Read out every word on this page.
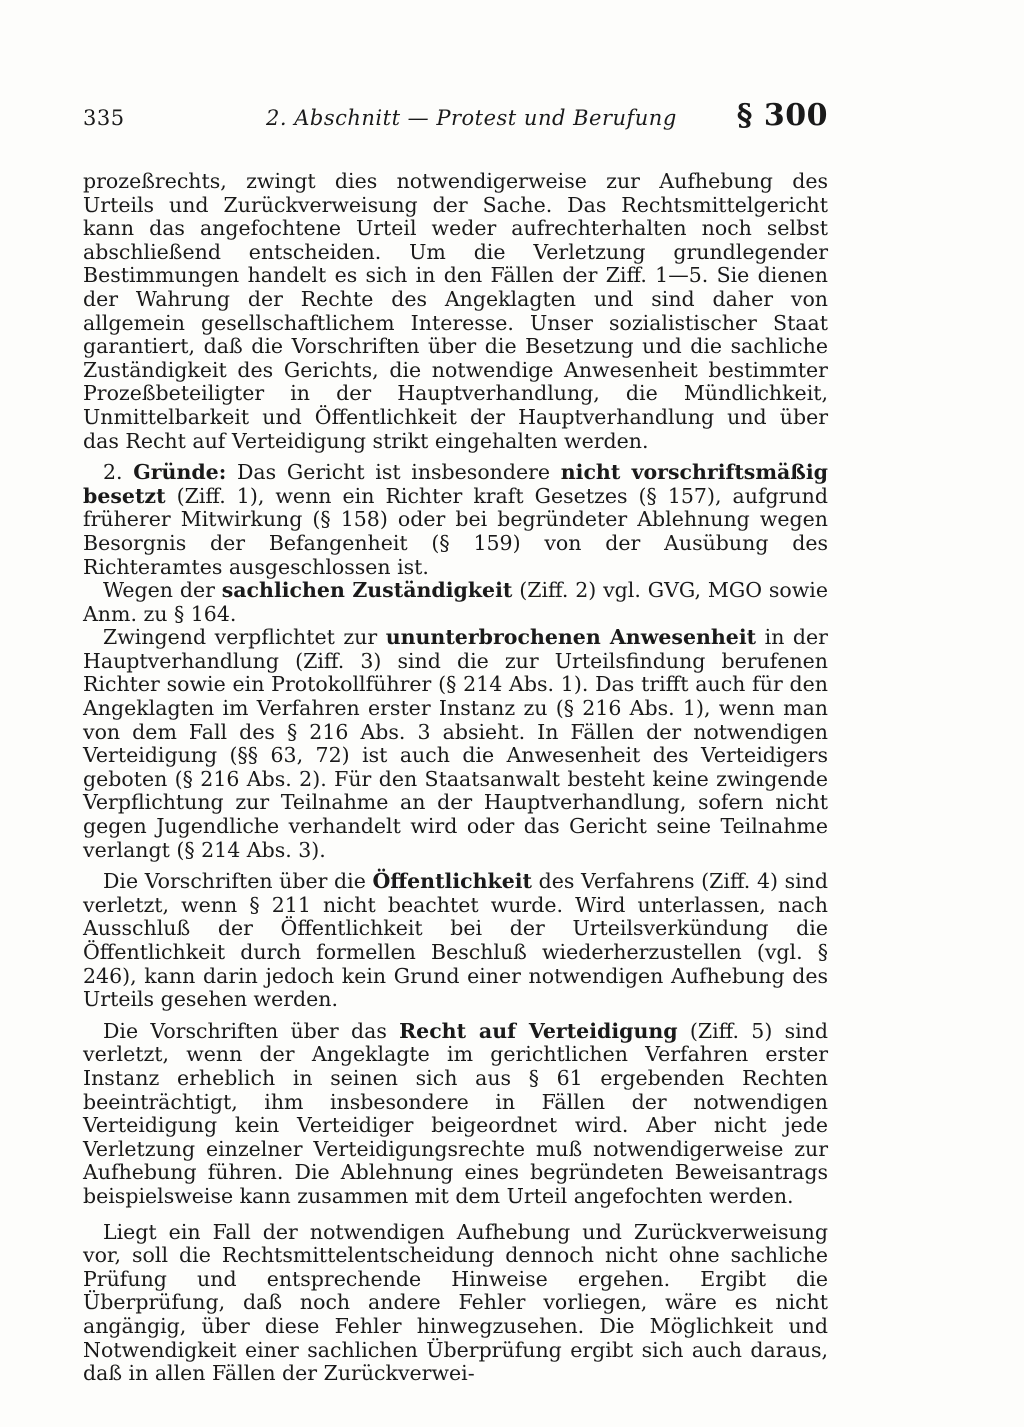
335	2. Abschnitt — Protest und Berufung § 300

prozeßrechts, zwingt dies notwendigerweise zur Aufhebung des Urteils und Zurückverweisung der Sache. Das Rechtsmittelgericht kann das angefochtene Urteil weder aufrechterhalten noch selbst abschließend entscheiden. Um die Verletzung grundlegender Bestimmungen handelt es sich in den Fällen der Ziff. 1—5. Sie dienen der Wahrung der Rechte des Angeklagten und sind daher von allgemein gesellschaftlichem Interesse. Unser sozialistischer Staat garantiert, daß die Vorschriften über die Besetzung und die sachliche Zuständigkeit des Gerichts, die notwendige Anwesenheit bestimmter Prozeßbeteiligter in der Hauptverhandlung, die Mündlichkeit, Unmittelbarkeit und Öffentlichkeit der Hauptverhandlung und über das Recht auf Verteidigung strikt eingehalten werden.

2. Gründe: Das Gericht ist insbesondere nicht vorschriftsmäßig besetzt (Ziff. 1), wenn ein Richter kraft Gesetzes (§ 157), aufgrund früherer Mitwirkung (§ 158) oder bei begründeter Ablehnung wegen Besorgnis der Befangenheit (§ 159) von der Ausübung des Richteramtes ausgeschlossen ist.

Wegen der sachlichen Zuständigkeit (Ziff. 2) vgl. GVG, MGO sowie Anm. zu § 164.

Zwingend verpflichtet zur ununterbrochenen Anwesenheit in der Hauptverhandlung (Ziff. 3) sind die zur Urteilsfindung berufenen Richter sowie ein Protokollführer (§ 214 Abs. 1). Das trifft auch für den Angeklagten im Verfahren erster Instanz zu (§ 216 Abs. 1), wenn man von dem Fall des § 216 Abs. 3 absieht. In Fällen der notwendigen Verteidigung (§§ 63, 72) ist auch die Anwesenheit des Verteidigers geboten (§ 216 Abs. 2). Für den Staatsanwalt besteht keine zwingende Verpflichtung zur Teilnahme an der Hauptverhandlung, sofern nicht gegen Jugendliche verhandelt wird oder das Gericht seine Teilnahme verlangt (§ 214 Abs. 3).

Die Vorschriften über die Öffentlichkeit des Verfahrens (Ziff. 4) sind verletzt, wenn § 211 nicht beachtet wurde. Wird unterlassen, nach Ausschluß der Öffentlichkeit bei der Urteilsverkündung die Öffentlichkeit durch formellen Beschluß wiederherzustellen (vgl. § 246), kann darin jedoch kein Grund einer notwendigen Aufhebung des Urteils gesehen werden.

Die Vorschriften über das Recht auf Verteidigung (Ziff. 5) sind verletzt, wenn der Angeklagte im gerichtlichen Verfahren erster Instanz erheblich in seinen sich aus § 61 ergebenden Rechten beeinträchtigt, ihm insbesondere in Fällen der notwendigen Verteidigung kein Verteidiger beigeordnet wird. Aber nicht jede Verletzung einzelner Verteidigungsrechte muß notwendigerweise zur Aufhebung führen. Die Ablehnung eines begründeten Beweisantrags beispielsweise kann zusammen mit dem Urteil angefochten werden.

Liegt ein Fall der notwendigen Aufhebung und Zurückverweisung vor, soll die Rechtsmittelentscheidung dennoch nicht ohne sachliche Prüfung und entsprechende Hinweise ergehen. Ergibt die Überprüfung, daß noch andere Fehler vorliegen, wäre es nicht angängig, über diese Fehler hinwegzusehen. Die Möglichkeit und Notwendigkeit einer sachlichen Überprüfung ergibt sich auch daraus, daß in allen Fällen der Zurückverwei-
